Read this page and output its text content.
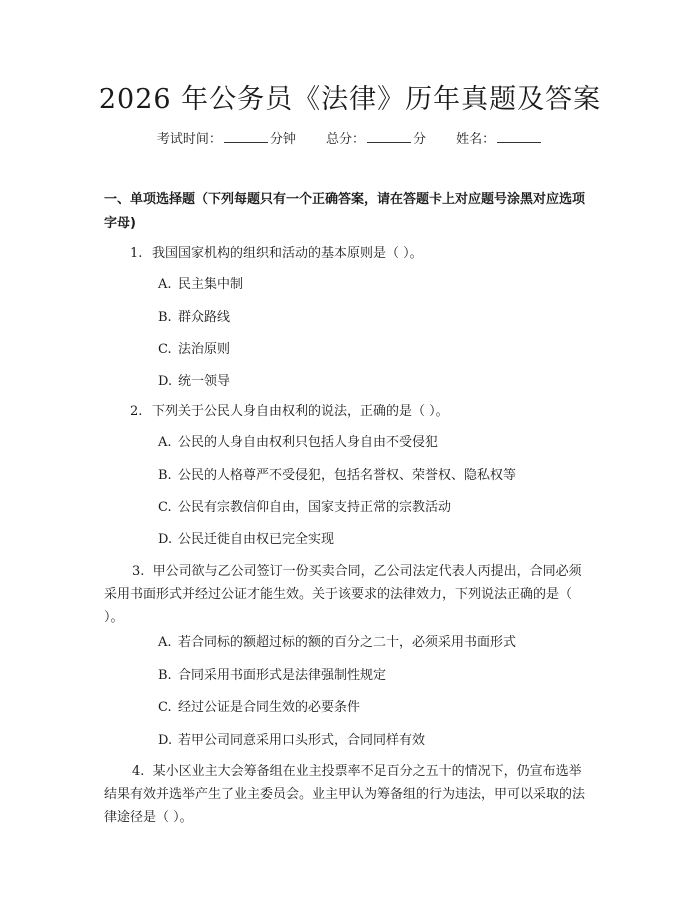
2026 年公务员《法律》历年真题及答案
考试时间：	分钟 总分：	分 姓名：
一、单项选择题（下列每题只有一个正确答案，请在答题卡上对应题号涂黑对应选项字母)
1. 我国国家机构的组织和活动的基本原则是（ ）。
A. 民主集中制
B. 群众路线
C. 法治原则
D. 统一领导
2. 下列关于公民人身自由权利的说法，正确的是（ ）。
A. 公民的人身自由权利只包括人身自由不受侵犯
B. 公民的人格尊严不受侵犯，包括名誉权、荣誉权、隐私权等
C. 公民有宗教信仰自由，国家支持正常的宗教活动
D. 公民迁徙自由权已完全实现
3. 甲公司欲与乙公司签订一份买卖合同，乙公司法定代表人丙提出，合同必须采用书面形式并经过公证才能生效。关于该要求的法律效力，下列说法正确的是（ ）。
A. 若合同标的额超过标的额的百分之二十，必须采用书面形式
B. 合同采用书面形式是法律强制性规定
C. 经过公证是合同生效的必要条件
D. 若甲公司同意采用口头形式，合同同样有效
4. 某小区业主大会筹备组在业主投票率不足百分之五十的情况下，仍宣布选举结果有效并选举产生了业主委员会。业主甲认为筹备组的行为违法，甲可以采取的法律途径是（ ）。
